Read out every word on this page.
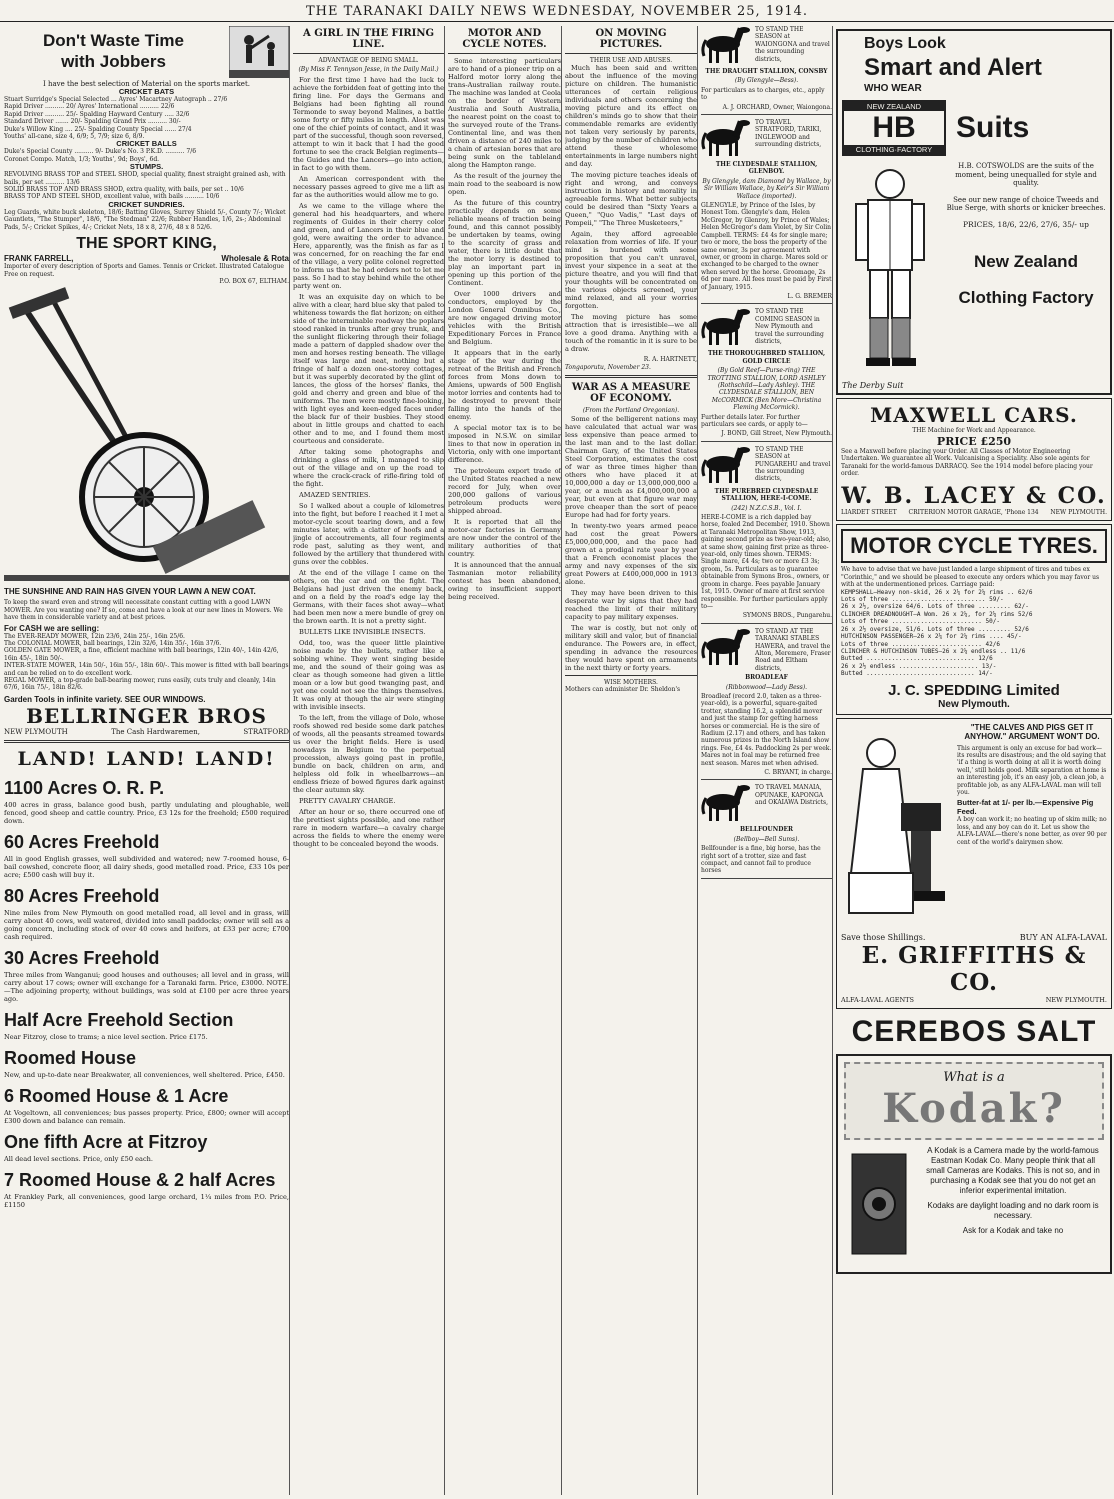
THE TARANAKI DAILY NEWS WEDNESDAY, NOVEMBER 25, 1914.
Don't Waste Time
with Jobbers
I have the best selection of Material on the sports market.
CRICKET BATS
Stuart Surridge's Special Selected ... Ayres' Macartney Autograph .. 27/6
Rapid Driver .......... 20/ Ayres' International .......... 22/6
Rapid Driver .......... 25/- Spalding Hayward Century ..... 32/6
Standard Driver ....... 20/- Spalding Grand Prix .......... 30/-
Duke's Willow King .... 25/- Spalding County Special ...... 27/4
Youths' all-cane, size 4, 6/9; 5, 7/9; size 6, 8/9.
CRICKET BALLS
Duke's Special County .......... 9/- Duke's No. 3 P.K.D. .......... 7/6
Coronet Compo. Match, 1/3; Youths', 9d; Boys', 6d.
STUMPS.
REVOLVING BRASS TOP and STEEL SHOD, special quality, finest straight grained ash, with bails, per set .......... 13/6
SOLID BRASS TOP AND BRASS SHOD, extra quality, with bails, per set .. 10/6
BRASS TOP AND STEEL SHOD, excellent value, with bails .......... 10/6
CRICKET SUNDRIES.
Leg Guards, white buck skeleton, 18/6; Batting Gloves, Surrey Shield 5/-, County 7/-; Wicket Gauntlets, "The Stumper", 18/6, "The Stedman" 22/6; Rubber Handles, 1/6, 2s-; Abdominal Pads, 5/-; Cricket Spikes, 4/-; Cricket Nets, 18 x 8, 27/6, 48 x 8 52/6.
THE SPORT KING,
FRANK FARRELL,	Wholesale & Rota
Importer of every description of Sports and Games. Tennis or Cricket. Illustrated Catalogue Free on request.
P.O. BOX 67, ELTHAM.
THE SUNSHINE AND RAIN HAS GIVEN YOUR LAWN A NEW COAT.
To keep the sward even and strong will necessitate constant cutting with a good LAWN MOWER. Are you wanting one? If so, come and have a look at our new lines in Mowers. We have them in considerable variety and at best prices.
For CASH we are selling:
The EVER-READY MOWER, 12in 23/6, 24in 25/-, 16in 25/6.
The COLONIAL MOWER, ball bearings, 12in 32/6, 14in 35/-, 16in 37/6.
GOLDEN GATE MOWER, a fine, efficient machine with ball bearings, 12in 40/-, 14in 42/6, 16in 45/-, 18in 50/-.
INTER-STATE MOWER, 14in 50/-, 16in 55/-, 18in 60/-. This mower is fitted with ball bearings and can be relied on to do excellent work.
REGAL MOWER, a top-grade ball-bearing mower, runs easily, cuts truly and cleanly, 14in 67/6, 16in 75/-, 18in 82/6.
Garden Tools in infinite variety. SEE OUR WINDOWS.
BELLRINGER BROS
NEW PLYMOUTH	The Cash Hardwaremen,	STRATFORD
LAND! LAND! LAND!
1100 Acres O. R. P.
400 acres in grass, balance good bush, partly undulating and ploughable, well fenced, good sheep and cattle country. Price, £3 12s for the freehold; £500 required down.
60 Acres Freehold
All in good English grasses, well subdivided and watered; new 7-roomed house, 6-bail cowshed, concrete floor, all dairy sheds, good metalled road. Price, £33 10s per acre; £500 cash will buy it.
80 Acres Freehold
Nine miles from New Plymouth on good metalled road, all level and in grass, will carry about 40 cows, well watered, divided into small paddocks; owner will sell as a going concern, including stock of over 40 cows and heifers, at £33 per acre; £700 cash required.
30 Acres Freehold
Three miles from Wanganui; good houses and outhouses; all level and in grass, will carry about 17 cows; owner will exchange for a Taranaki farm. Price, £3000. NOTE.—The adjoining property, without buildings, was sold at £100 per acre three years ago.
Half Acre Freehold Section
Near Fitzroy, close to trams; a nice level section. Price £175.
Roomed House
New, and up-to-date near Breakwater, all conveniences, well sheltered. Price, £450.
6 Roomed House & 1 Acre
At Vogeltown, all conveniences; bus passes property. Price, £800; owner will accept £300 down and balance can remain.
One fifth Acre at Fitzroy
All dead level sections. Price, only £50 each.
7 Roomed House & 2 half Acres
At Frankley Park, all conveniences, good large orchard, 1¼ miles from P.O. Price, £1150
A GIRL IN THE FIRING LINE.
ADVANTAGE OF BEING SMALL.
(By Miss F. Tennyson Jesse, in the Daily Mail.)
For the first time I have had the luck to achieve the forbidden feat of getting into the firing line. For days the Germans and Belgians had been fighting all round Termonde to sway beyond Malines, a battle some forty or fifty miles in length. Alost was one of the chief points of contact, and it was part of the successful, though soon reversed, attempt to win it back that I had the good fortune to see the crack Belgian regiments—the Guides and the Lancers—go into action, in fact to go with them.
An American correspondent with the necessary passes agreed to give me a lift as far as the authorities would allow me to go.
As we came to the village where the general had his headquarters, and where regiments of Guides in their cherry color and green, and of Lancers in their blue and gold, were awaiting the order to advance. Here, apparently, was the finish as far as I was concerned, for on reaching the far end of the village, a very polite colonel regretted to inform us that he had orders not to let me pass. So I had to stay behind while the other party went on.
It was an exquisite day on which to be alive with a clear, hard blue sky that paled to whiteness towards the flat horizon; on either side of the interminable roadway the poplars stood ranked in trunks after grey trunk, and the sunlight flickering through their foliage made a pattern of dappled shadow over the men and horses resting beneath. The village itself was large and neat, nothing but a fringe of half a dozen one-storey cottages, but it was superbly decorated by the glint of lances, the gloss of the horses' flanks, the gold and cherry and green and blue of the uniforms. The men were mostly fine-looking, with light eyes and keen-edged faces under the black fur of their busbies. They stood about in little groups and chatted to each other and to me, and I found them most courteous and considerate.
After taking some photographs and drinking a glass of milk, I managed to slip out of the village and on up the road to where the crack-crack of rifle-firing told of the fight.
AMAZED SENTRIES.
So I walked about a couple of kilometres into the fight, but before I reached it I met a motor-cycle scout tearing down, and a few minutes later, with a clatter of hoofs and a jingle of accoutrements, all four regiments rode past, saluting as they went, and followed by the artillery that thundered with guns over the cobbles.
At the end of the village I came on the others, on the car and on the fight. The Belgians had just driven the enemy back, and on a field by the road's edge lay the Germans, with their faces shot away—what had been men now a mere bundle of grey on the brown earth. It is not a pretty sight.
BULLETS LIKE INVISIBLE INSECTS.
Odd, too, was the queer little plaintive noise made by the bullets, rather like a sobbing whine. They went singing beside me, and the sound of their going was as clear as though someone had given a little moan or a low but good twanging past, and yet one could not see the things themselves. It was only at though the air were stinging with invisible insects.
To the left, from the village of Dolo, whose roofs showed red beside some dark patches of woods, all the peasants streamed towards us over the bright fields. Here is used nowadays in Belgium to the perpetual procession, always going past in profile, bundle on back, children on arm, and helpless old folk in wheelbarrows—an endless frieze of bowed figures dark against the clear autumn sky.
PRETTY CAVALRY CHARGE.
After an hour or so, there occurred one of the prettiest sights possible, and one rather rare in modern warfare—a cavalry charge across the fields to where the enemy were thought to be concealed beyond the woods.
MOTOR AND CYCLE NOTES.
Some interesting particulars are to hand of a pioneer trip on a Halford motor lorry along the trans-Australian railway route. The machine was landed at Ceola on the border of Western Australia and South Australia, the nearest point on the coast to the surveyed route of the Trans-Continental line, and was then driven a distance of 240 miles to a chain of artesian bores that are being sunk on the tableland along the Hampton range.
As the result of the journey the main road to the seaboard is now open.
As the future of this country practically depends on some reliable means of traction being found, and this cannot possibly be undertaken by teams, owing to the scarcity of grass and water, there is little doubt that the motor lorry is destined to play an important part in opening up this portion of the Continent.
Over 1000 drivers and conductors, employed by the London General Omnibus Co., are now engaged driving motor vehicles with the British Expeditionary Forces in France and Belgium.
It appears that in the early stage of the war during the retreat of the British and French forces from Mons down to Amiens, upwards of 500 English motor lorries and contents had to be destroyed to prevent their falling into the hands of the enemy.
A special motor tax is to be imposed in N.S.W. on similar lines to that now in operation in Victoria, only with one important difference.
The petroleum export trade of the United States reached a new record for July, when over 200,000 gallons of various petroleum products were shipped abroad.
It is reported that all the motor-car factories in Germany are now under the control of the military authorities of that country.
It is announced that the annual Tasmanian motor reliability contest has been abandoned, owing to insufficient support being received.
ON MOVING PICTURES.
THEIR USE AND ABUSES.
Much has been said and written about the influence of the moving picture on children. The humanistic utterances of certain religious individuals and others concerning the moving picture and its effect on children's minds go to show that their commendable remarks are evidently not taken very seriously by parents, judging by the number of children who attend these wholesome entertainments in large numbers night and day.
The moving picture teaches ideals of right and wrong, and conveys instruction in history and morality in agreeable forms. What better subjects could be desired than "Sixty Years a Queen," "Quo Vadis," "Last days of Pompeii," "The Three Musketeers,"
Again, they afford agreeable relaxation from worries of life. If your mind is burdened with some proposition that you can't unravel, invest your sixpence in a seat at the picture theatre, and you will find that your thoughts will be concentrated on the various objects screened, your mind relaxed, and all your worries forgotten.
The moving picture has some attraction that is irresistible—we all love a good drama. Anything with a touch of the romantic in it is sure to be a draw.
R. A. HARTNETT,
Tongaporutu, November 23.
WAR AS A MEASURE OF ECONOMY.
(From the Portland Oregonian).
Some of the belligerent nations may have calculated that actual war was less expensive than peace armed to the last man and to the last dollar. Chairman Gary, of the United States Steel Corporation, estimates the cost of war as three times higher than others who have placed it at 10,000,000 a day or 13,000,000,000 a year, or a much as £4,000,000,000 a year, but even at that figure war may prove cheaper than the sort of peace Europe had had for forty years.
In twenty-two years armed peace had cost the great Powers £5,000,000,000, and the pace had grown at a prodigal rate year by year that a French economist places the army and navy expenses of the six great Powers at £400,000,000 in 1913 alone.
They may have been driven to this desperate war by signs that they had reached the limit of their military capacity to pay military expenses.
The war is costly, but not only of military skill and valor, but of financial endurance. The Powers are, in effect, spending in advance the resources they would have spent on armaments in the next thirty or forty years.
WISE MOTHERS.
Mothers can administer Dr. Sheldon's
TO STAND THE SEASON at WAIONGONA and travel the surrounding districts,
THE DRAUGHT STALLION, CONSBY
(By Glengyle—Bess).
For particulars as to charges, etc., apply to
A. J. ORCHARD, Owner, Waiongona.
TO TRAVEL STRATFORD, TARIKI, INGLEWOOD and surrounding districts,
THE CLYDESDALE STALLION, GLENBOY.
By Glengyle, dam Diamond by Wallace, by Sir William Wallace, by Keir's Sir William Wallace (imported).
GLENGYLE, by Prince of the Isles, by Honest Tom. Glengyle's dam, Helen McGregor, by Glenroy, by Prince of Wales; Helen McGregor's dam Violet, by Sir Colin Campbell. TERMS: £4 4s for single mare; two or more, the boss the property of the same owner, 3s per agreement with owner, or groom in charge. Mares sold or exchanged to be charged to the owner when served by the horse. Groomage, 2s 6d per mare. All fees must be paid by First of January, 1915.
L. G. BREMER
TO STAND THE COMING SEASON in New Plymouth and travel the surrounding districts,
THE THOROUGHBRED STALLION, GOLD CIRCLE
(By Gold Reef—Purse-ring) THE TROTTING STALLION, LORD ASHLEY (Rothschild—Lady Ashley). THE CLYDESDALE STALLION, BEN McCORMICK (Ben More—Christina Fleming McCormick).
Further details later. For further particulars see cards, or apply to—
J. BOND, Gill Street, New Plymouth.
TO STAND THE SEASON at PUNGAREHU and travel the surrounding districts,
THE PUREBRED CLYDESDALE STALLION, HERE-I-COME.
(242) N.Z.C.S.B., Vol. I.
HERE-I-COME is a rich dappled bay horse, foaled 2nd December, 1910. Shown at Taranaki Metropolitan Show, 1913, gaining second prize as two-year-old; also, at same show, gaining first prize as three-year-old, only times shown. TERMS: Single mare, £4 4s; two or more £3 3s; groom, 5s. Particulars as to guarantee obtainable from Symons Bros., owners, or groom in charge. Fees payable January 1st, 1915. Owner of mare at first service responsible. For further particulars apply to—
SYMONS BROS., Pungarehu.
TO STAND AT THE TARANAKI STABLES HAWERA, and travel the Alton, Meremere, Fraser Road and Eltham districts,
BROADLEAF
(Ribbonwood—Lady Bess).
Broadleaf (record 2.0, taken as a three-year-old), is a powerful, square-gaited trotter, standing 16.2, a splendid mover and just the stamp for getting harness horses or commercial. He is the sire of Radium (2.17) and others, and has taken numerous prizes in the North Island show rings. Fee, £4 4s. Paddocking 2s per week. Mares not in foal may be returned free next season. Mares met when advised.
C. BRYANT, in charge.
TO TRAVEL MANAIA, OPUNAKE, KAPONGA and OKAIAWA Districts,
BELLFOUNDER
(Bellboy—Bell Sums).
Bellfounder is a fine, big horse, has the right sort of a trotter, size and fast compact, and cannot fail to produce horses
Boys Look
Smart and Alert
WHO WEAR
NEW ZEALAND
HB
CLOTHING·FACTORY
Suits
H.B. COTSWOLDS are the suits of the moment, being unequalled for style and quality.
See our new range of choice Tweeds and Blue Serge, with shorts or knicker breeches.
PRICES, 18/6, 22/6, 27/6, 35/- up
New Zealand
Clothing Factory
The Derby Suit
MAXWELL CARS.
THE Machine for Work and Appearance.
PRICE £250
See a Maxwell before placing your Order. All Classes of Motor Engineering Undertaken. We guarantee all Work. Vulcanising a Speciality. Also sole agents for Taranaki for the world-famous DARRACQ. See the 1914 model before placing your order.
W. B. LACEY & CO.
LIARDET STREET CRITERION MOTOR GARAGE, 'Phone 134 NEW PLYMOUTH.
MOTOR CYCLE TYRES.
We have to advise that we have just landed a large shipment of tires and tubes ex "Corinthic," and we should be pleased to execute any orders which you may favor us with at the undermentioned prices. Carriage paid:
KEMPSHALL—Heavy non-skid, 26 x 2¼ for 2¼ rims .. 62/6
Lots of three .......................... 59/-
26 x 2½, oversize 64/6. Lots of three ......... 62/-
CLINCHER DREADNOUGHT—A Wom. 26 x 2¼, for 2¼ rims 52/6
Lots of three ......................... 50/-
26 x 2½ oversize, 51/6. Lots of three ......... 52/6
HUTCHINSON PASSENGER—26 x 2¼ for 2¼ rims .... 45/-
Lots of three ......................... 42/6
CLINCHER & HUTCHINSON TUBES—26 x 2¼ endless .. 11/6
Butted .............................. 12/6
26 x 2½ endless ...................... 13/-
Butted .............................. 14/-
J. C. SPEDDING Limited
New Plymouth.
"THE CALVES AND PIGS GET IT ANYHOW." ARGUMENT WON'T DO.
This argument is only an excuse for bad work—its results are disastrous; and the old saying that 'if a thing is worth doing at all it is worth doing well,' still holds good. Milk separation at home is an interesting job, it's an easy job, a clean job, a profitable job, as any ALFA-LAVAL man will tell you.
Butter-fat at 1/- per lb.—Expensive Pig Feed.
A boy can work it; no heating up of skim milk; no loss, and any boy can do it. Let us show the ALFA-LAVAL—there's none better, as over 90 per cent of the world's dairymen show.
Save those Shillings.	BUY AN ALFA-LAVAL
E. GRIFFITHS & CO.
ALFA-LAVAL AGENTS	NEW PLYMOUTH.
CEREBOS SALT
What is a
Kodak?
A Kodak is a Camera made by the world-famous Eastman Kodak Co. Many people think that all small Cameras are Kodaks. This is not so, and in purchasing a Kodak see that you do not get an inferior experimental imitation.
Kodaks are daylight loading and no dark room is necessary.
Ask for a Kodak and take no
